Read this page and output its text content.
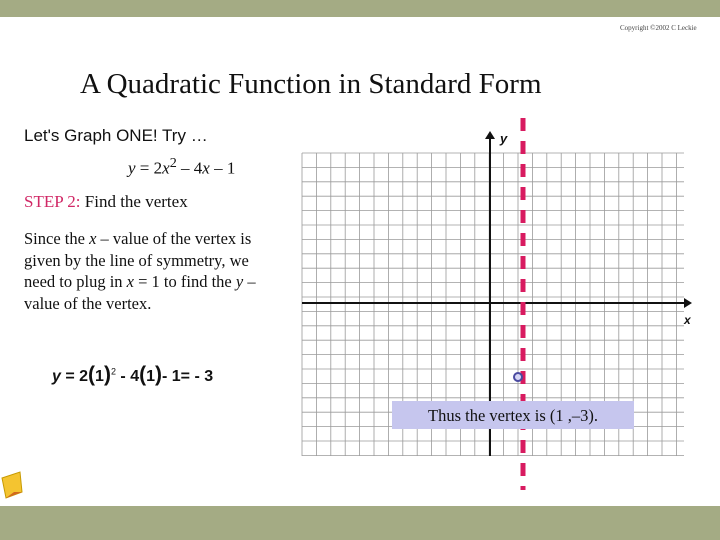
Copyright ©2002 C Leckie
A Quadratic Function in Standard Form
Let's Graph ONE! Try …
$y = 2x^2 - 4x - 1$
STEP 2: Find the vertex
Since the x – value of the vertex is given by the line of symmetry, we need to plug in x = 1 to find the y – value of the vertex.
$y = 2(1)^2 - 4(1)-$ 1= - 3
y
x
Thus the vertex is (1 ,–3).
